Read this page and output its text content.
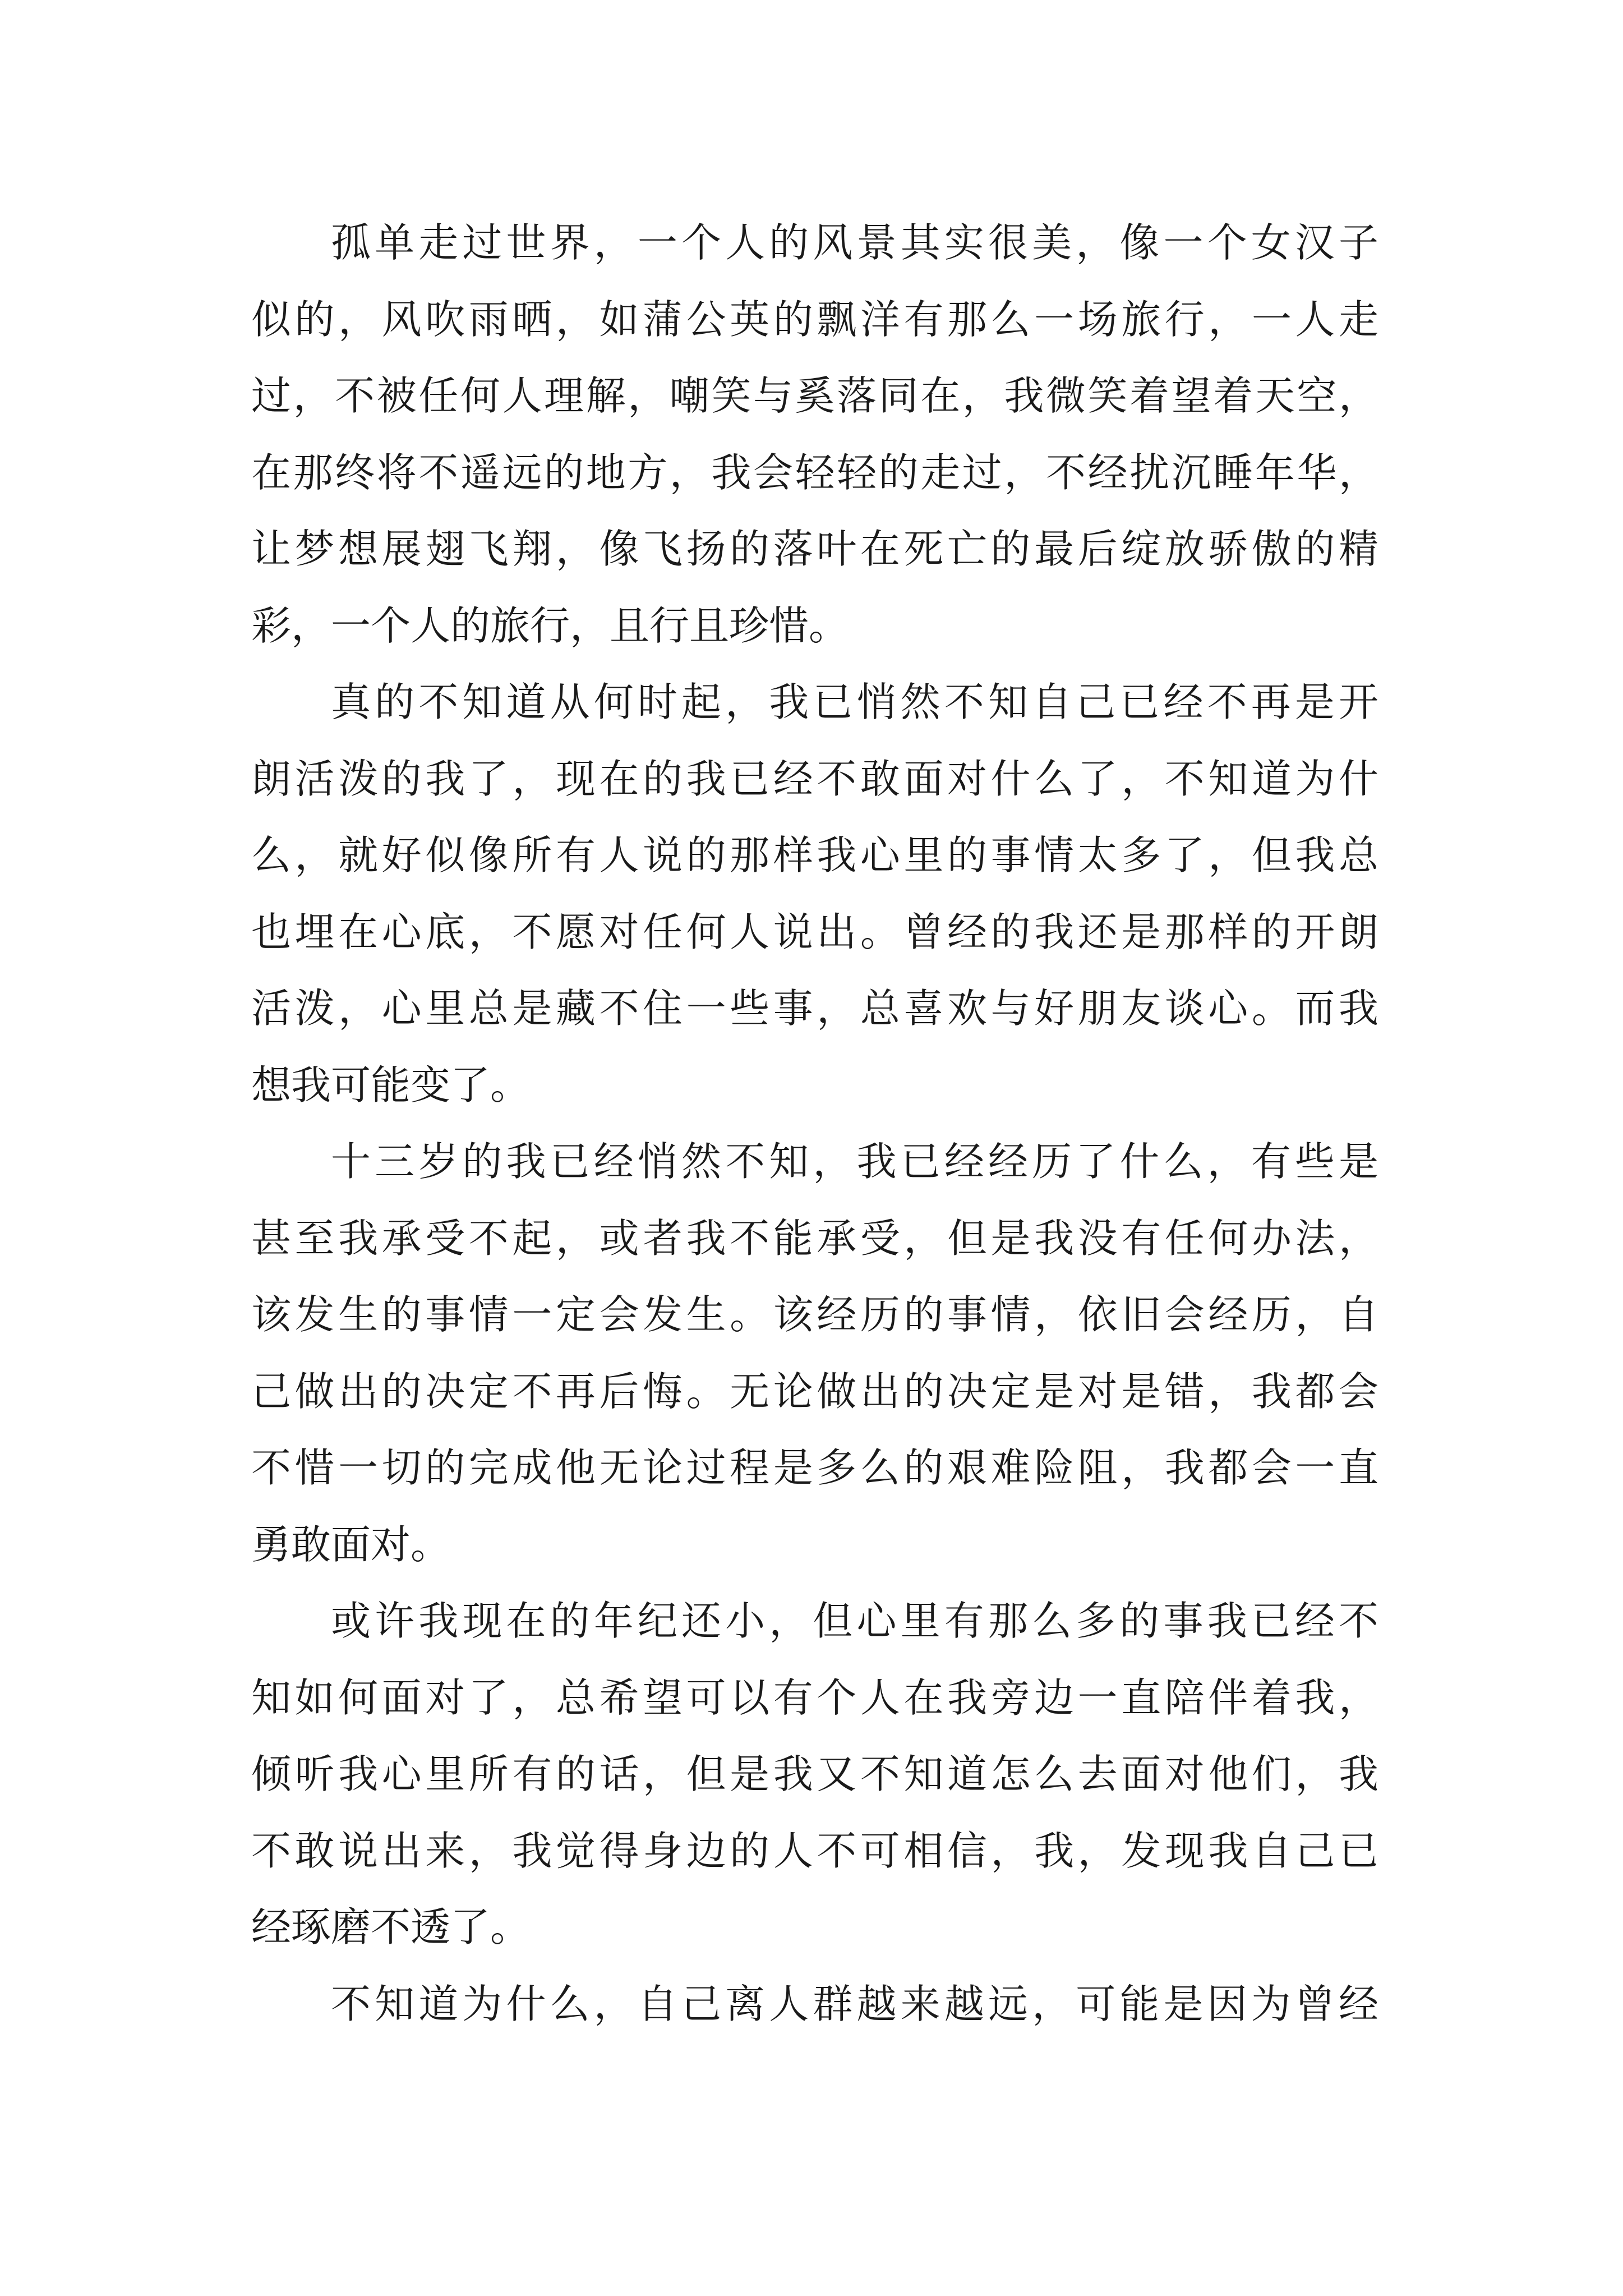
孤单走过世界，一个人的风景其实很美，像一个女汉子
似的，风吹雨晒，如蒲公英的飘洋有那么一场旅行，一人走
过，不被任何人理解，嘲笑与奚落同在，我微笑着望着天空，
在那终将不遥远的地方，我会轻轻的走过，不经扰沉睡年华，
让梦想展翅飞翔，像飞扬的落叶在死亡的最后绽放骄傲的精
彩，一个人的旅行，且行且珍惜。
真的不知道从何时起，我已悄然不知自己已经不再是开
朗活泼的我了，现在的我已经不敢面对什么了，不知道为什
么，就好似像所有人说的那样我心里的事情太多了，但我总
也埋在心底，不愿对任何人说出。曾经的我还是那样的开朗
活泼，心里总是藏不住一些事，总喜欢与好朋友谈心。而我
想我可能变了。
十三岁的我已经悄然不知，我已经经历了什么，有些是
甚至我承受不起，或者我不能承受，但是我没有任何办法，
该发生的事情一定会发生。该经历的事情，依旧会经历，自
己做出的决定不再后悔。无论做出的决定是对是错，我都会
不惜一切的完成他无论过程是多么的艰难险阻，我都会一直
勇敢面对。
或许我现在的年纪还小，但心里有那么多的事我已经不
知如何面对了，总希望可以有个人在我旁边一直陪伴着我，
倾听我心里所有的话，但是我又不知道怎么去面对他们，我
不敢说出来，我觉得身边的人不可相信，我，发现我自己已
经琢磨不透了。
不知道为什么，自己离人群越来越远，可能是因为曾经
